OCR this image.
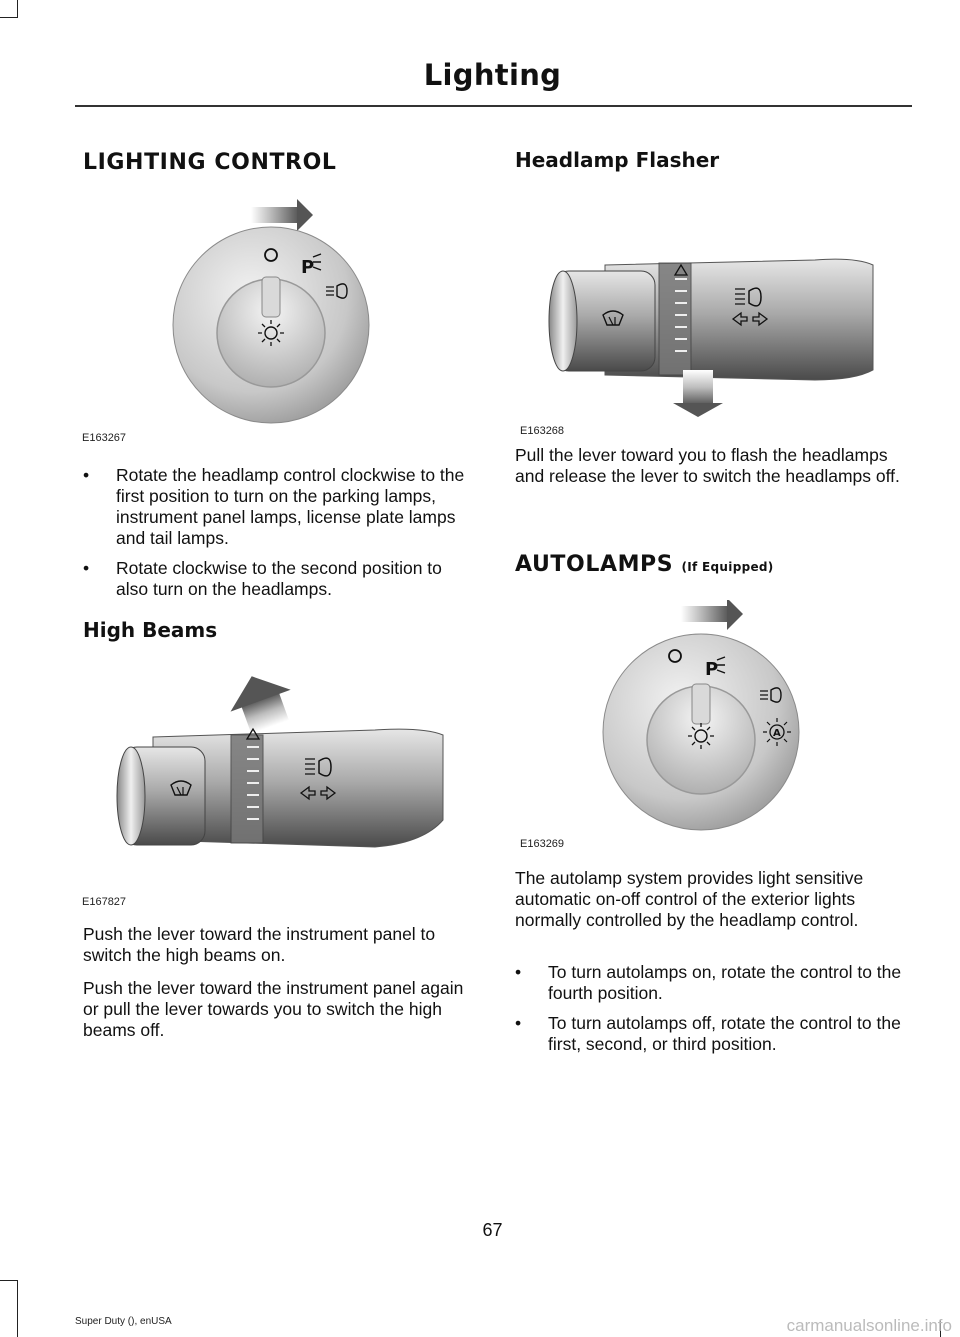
Lighting
LIGHTING CONTROL
P
E163267
• Rotate the headlamp control clockwise to the first position to turn on the parking lamps, instrument panel lamps, license plate lamps and tail lamps.
• Rotate clockwise to the second position to also turn on the headlamps.
High Beams
E167827

Push the lever toward the instrument panel to switch the high beams on.

Push the lever toward the instrument panel again or pull the lever towards you to switch the high beams off.

Headlamp Flasher
E163268

Pull the lever toward you to flash the headlamps and release the lever to switch the headlamps off.

AUTOLAMPS (If Equipped)
P
A
E163269

The autolamp system provides light sensitive automatic on-off control of the exterior lights normally controlled by the headlamp control.

• To turn autolamps on, rotate the control to the fourth position.
• To turn autolamps off, rotate the control to the first, second, or third position.
67
Super Duty (), enUSA	carmanualsonline.info
